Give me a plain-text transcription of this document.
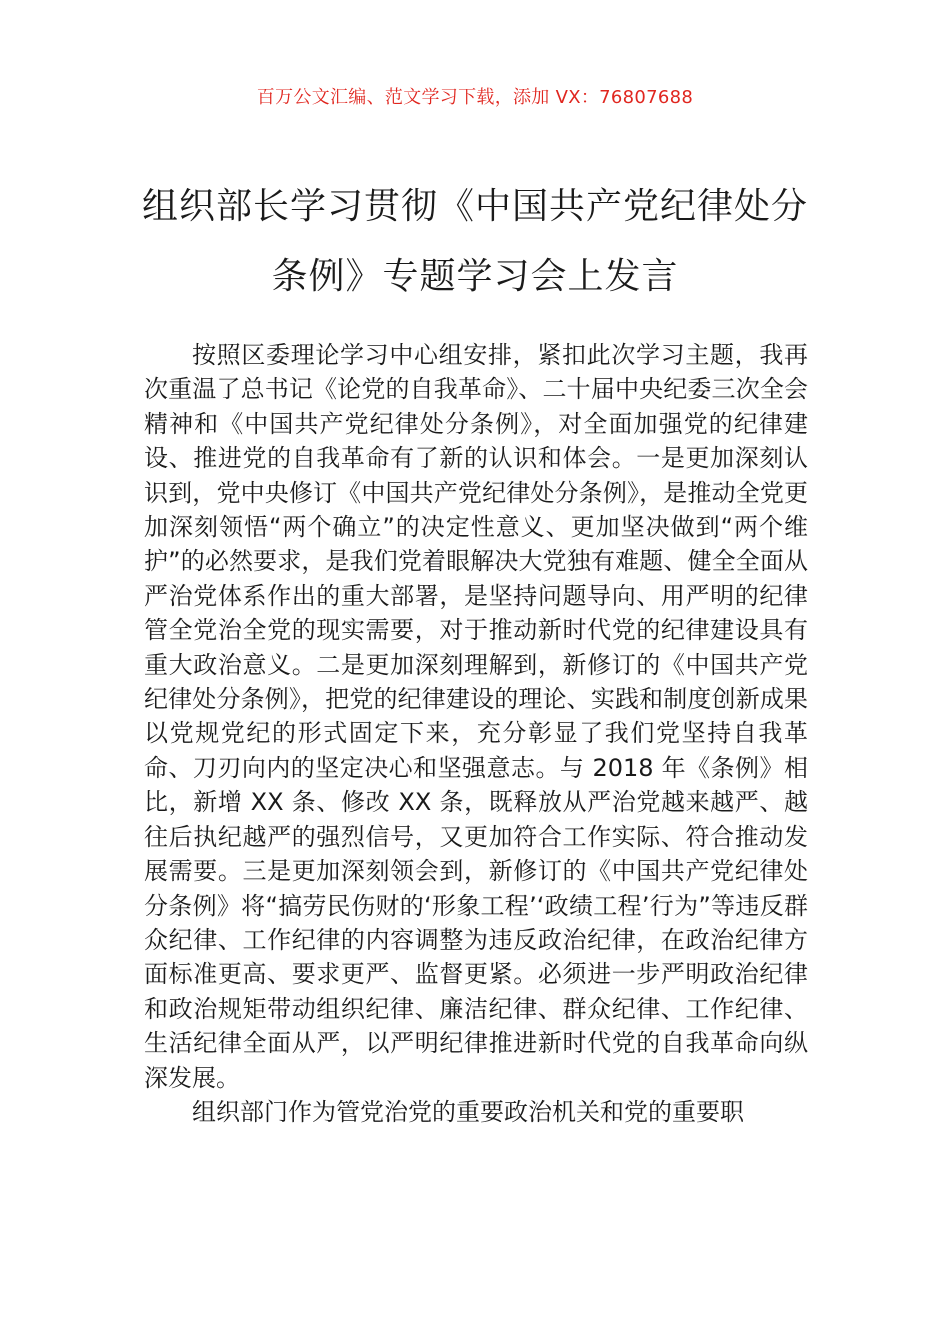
百万公文汇编、范文学习下载，添加 VX：76807688
组织部长学习贯彻《中国共产党纪律处分
条例》专题学习会上发言

按照区委理论学习中心组安排，紧扣此次学习主题，我再次重温了总书记《论党的自我革命》、二十届中央纪委三次全会精神和《中国共产党纪律处分条例》，对全面加强党的纪律建设、推进党的自我革命有了新的认识和体会。一是更加深刻认识到，党中央修订《中国共产党纪律处分条例》，是推动全党更加深刻领悟“两个确立”的决定性意义、更加坚决做到“两个维护”的必然要求，是我们党着眼解决大党独有难题、健全全面从严治党体系作出的重大部署，是坚持问题导向、用严明的纪律管全党治全党的现实需要，对于推动新时代党的纪律建设具有重大政治意义。二是更加深刻理解到，新修订的《中国共产党纪律处分条例》，把党的纪律建设的理论、实践和制度创新成果以党规党纪的形式固定下来，充分彰显了我们党坚持自我革命、刀刃向内的坚定决心和坚强意志。与 2018 年《条例》相比，新增 XX 条、修改 XX 条，既释放从严治党越来越严、越往后执纪越严的强烈信号，又更加符合工作实际、符合推动发展需要。三是更加深刻领会到，新修订的《中国共产党纪律处分条例》将“搞劳民伤财的‘形象工程’‘政绩工程’行为”等违反群众纪律、工作纪律的内容调整为违反政治纪律，在政治纪律方面标准更高、要求更严、监督更紧。必须进一步严明政治纪律和政治规矩带动组织纪律、廉洁纪律、群众纪律、工作纪律、生活纪律全面从严，以严明纪律推进新时代党的自我革命向纵深发展。

组织部门作为管党治党的重要政治机关和党的重要职
